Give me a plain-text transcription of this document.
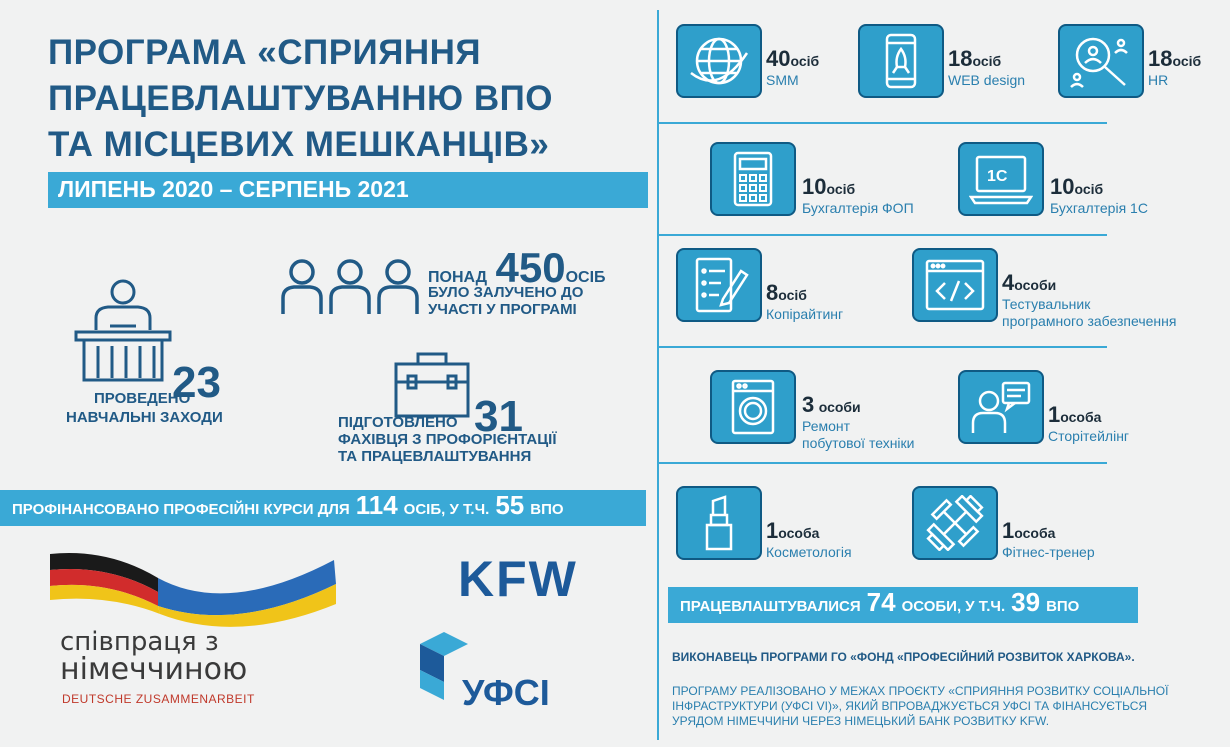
ПРОГРАМА «СПРИЯННЯ
ПРАЦЕВЛАШТУВАННЮ ВПО
ТА МІСЦЕВИХ МЕШКАНЦІВ»
ЛИПЕНЬ 2020 – СЕРПЕНЬ 2021
ПОНАД 450ОСІБ
БУЛО ЗАЛУЧЕНО ДО
УЧАСТІ У ПРОГРАМІ
23
ПРОВЕДЕНО
НАВЧАЛЬНІ ЗАХОДИ	31
ПІДГОТОВЛЕНО
ФАХІВЦЯ З ПРОФОРІЄНТАЦІЇ
ТА ПРАЦЕВЛАШТУВАННЯ
ПРОФІНАНСОВАНО ПРОФЕСІЙНІ КУРСИ ДЛЯ 114 ОСІБ, У Т.Ч. 55 ВПО
співпраця з
німеччиною
DEUTSCHE ZUSAMMENARBEIT
KFW
УФСІ
40осіб
SMM
18осіб
WEB design
18осіб
HR
10осіб
Бухгалтерія ФОП
1C 10осіб
Бухгалтерія 1С
8осіб
Копірайтинг
4особи
Тестувальник
програмного забезпечення
3 особи
Ремонт
побутової техніки
1особа
Сторітейлінг
1особа
Косметологія
1особа
Фітнес-тренер
ПРАЦЕВЛАШТУВАЛИСЯ 74 ОСОБИ, У Т.Ч. 39 ВПО
ВИКОНАВЕЦЬ ПРОГРАМИ ГО «ФОНД «ПРОФЕСІЙНИЙ РОЗВИТОК ХАРКОВА».
ПРОГРАМУ РЕАЛІЗОВАНО У МЕЖАХ ПРОЄКТУ «СПРИЯННЯ РОЗВИТКУ СОЦІАЛЬНОЇ
ІНФРАСТРУКТУРИ (УФСІ VI)», ЯКИЙ ВПРОВАДЖУЄТЬСЯ УФСІ ТА ФІНАНСУЄТЬСЯ
УРЯДОМ НІМЕЧЧИНИ ЧЕРЕЗ НІМЕЦЬКИЙ БАНК РОЗВИТКУ KFW.
